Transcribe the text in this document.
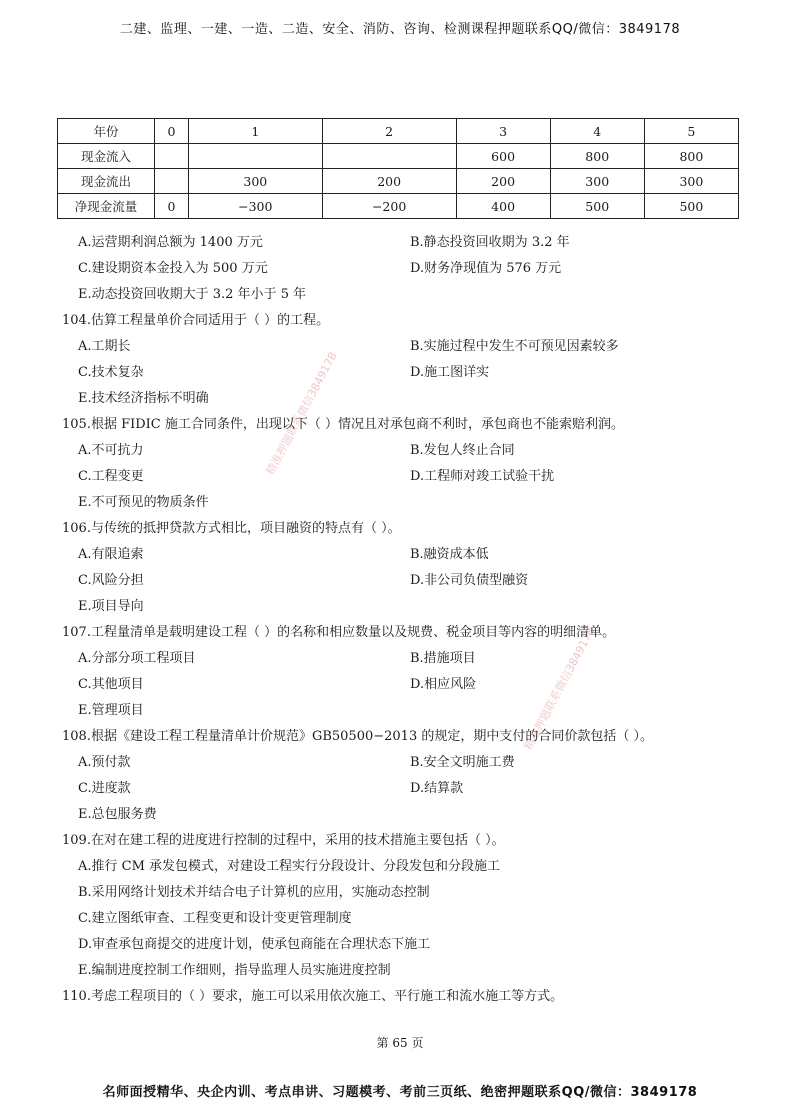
二建、监理、一建、一造、二造、安全、消防、咨询、检测课程押题联系QQ/微信：3849178
年份	0	1	2	3	4	5
现金流入				600	800	800
现金流出		300	200	200	300	300
净现金流量	0	−300	−200	400	500	500
A.运营期利润总额为 1400 万元	B.静态投资回收期为 3.2 年
C.建设期资本金投入为 500 万元	D.财务净现值为 576 万元
E.动态投资回收期大于 3.2 年小于 5 年
104.估算工程量单价合同适用于（ ）的工程。
A.工期长	B.实施过程中发生不可预见因素较多
C.技术复杂	D.施工图详实
E.技术经济指标不明确
105.根据 FIDIC 施工合同条件，出现以下（ ）情况且对承包商不利时，承包商也不能索赔利润。
A.不可抗力	B.发包人终止合同
C.工程变更	D.工程师对竣工试验干扰
E.不可预见的物质条件
106.与传统的抵押贷款方式相比，项目融资的特点有（ ）。
A.有限追索	B.融资成本低
C.风险分担	D.非公司负债型融资
E.项目导向
107.工程量清单是载明建设工程（ ）的名称和相应数量以及规费、税金项目等内容的明细清单。
A.分部分项工程项目	B.措施项目
C.其他项目	D.相应风险
E.管理项目
108.根据《建设工程工程量清单计价规范》GB50500−2013 的规定，期中支付的合同价款包括（ ）。
A.预付款	B.安全文明施工费
C.进度款	D.结算款
E.总包服务费
109.在对在建工程的进度进行控制的过程中，采用的技术措施主要包括（ ）。
A.推行 CM 承发包模式，对建设工程实行分段设计、分段发包和分段施工
B.采用网络计划技术并结合电子计算机的应用，实施动态控制
C.建立图纸审查、工程变更和设计变更管理制度
D.审查承包商提交的进度计划，使承包商能在合理状态下施工
E.编制进度控制工作细则，指导监理人员实施进度控制
110.考虑工程项目的（ ）要求，施工可以采用依次施工、平行施工和流水施工等方式。
精准押题联系微信3849178
精准押题联系微信3849178
第 65 页
名师面授精华、央企内训、考点串讲、习题模考、考前三页纸、绝密押题联系QQ/微信：3849178
